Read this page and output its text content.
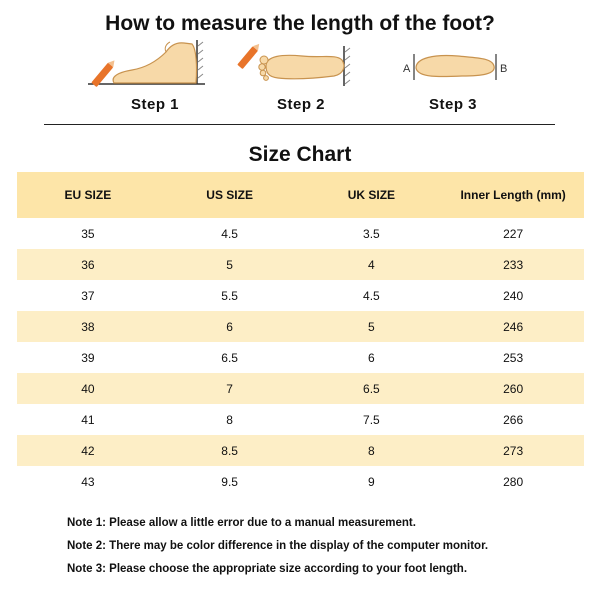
How to measure the length of the foot?
Step 1	Step 2
A	B
Step 3
Size Chart
EU SIZE	US SIZE	UK SIZE	Inner Length (mm)
35	4.5	3.5	227
36	5	4	233
37	5.5	4.5	240
38	6	5	246
39	6.5	6	253
40	7	6.5	260
41	8	7.5	266
42	8.5	8	273
43	9.5	9	280
Note 1: Please allow a little error due to a manual measurement.
Note 2: There may be color difference in the display of the computer monitor.
Note 3: Please choose the appropriate size according to your foot length.
